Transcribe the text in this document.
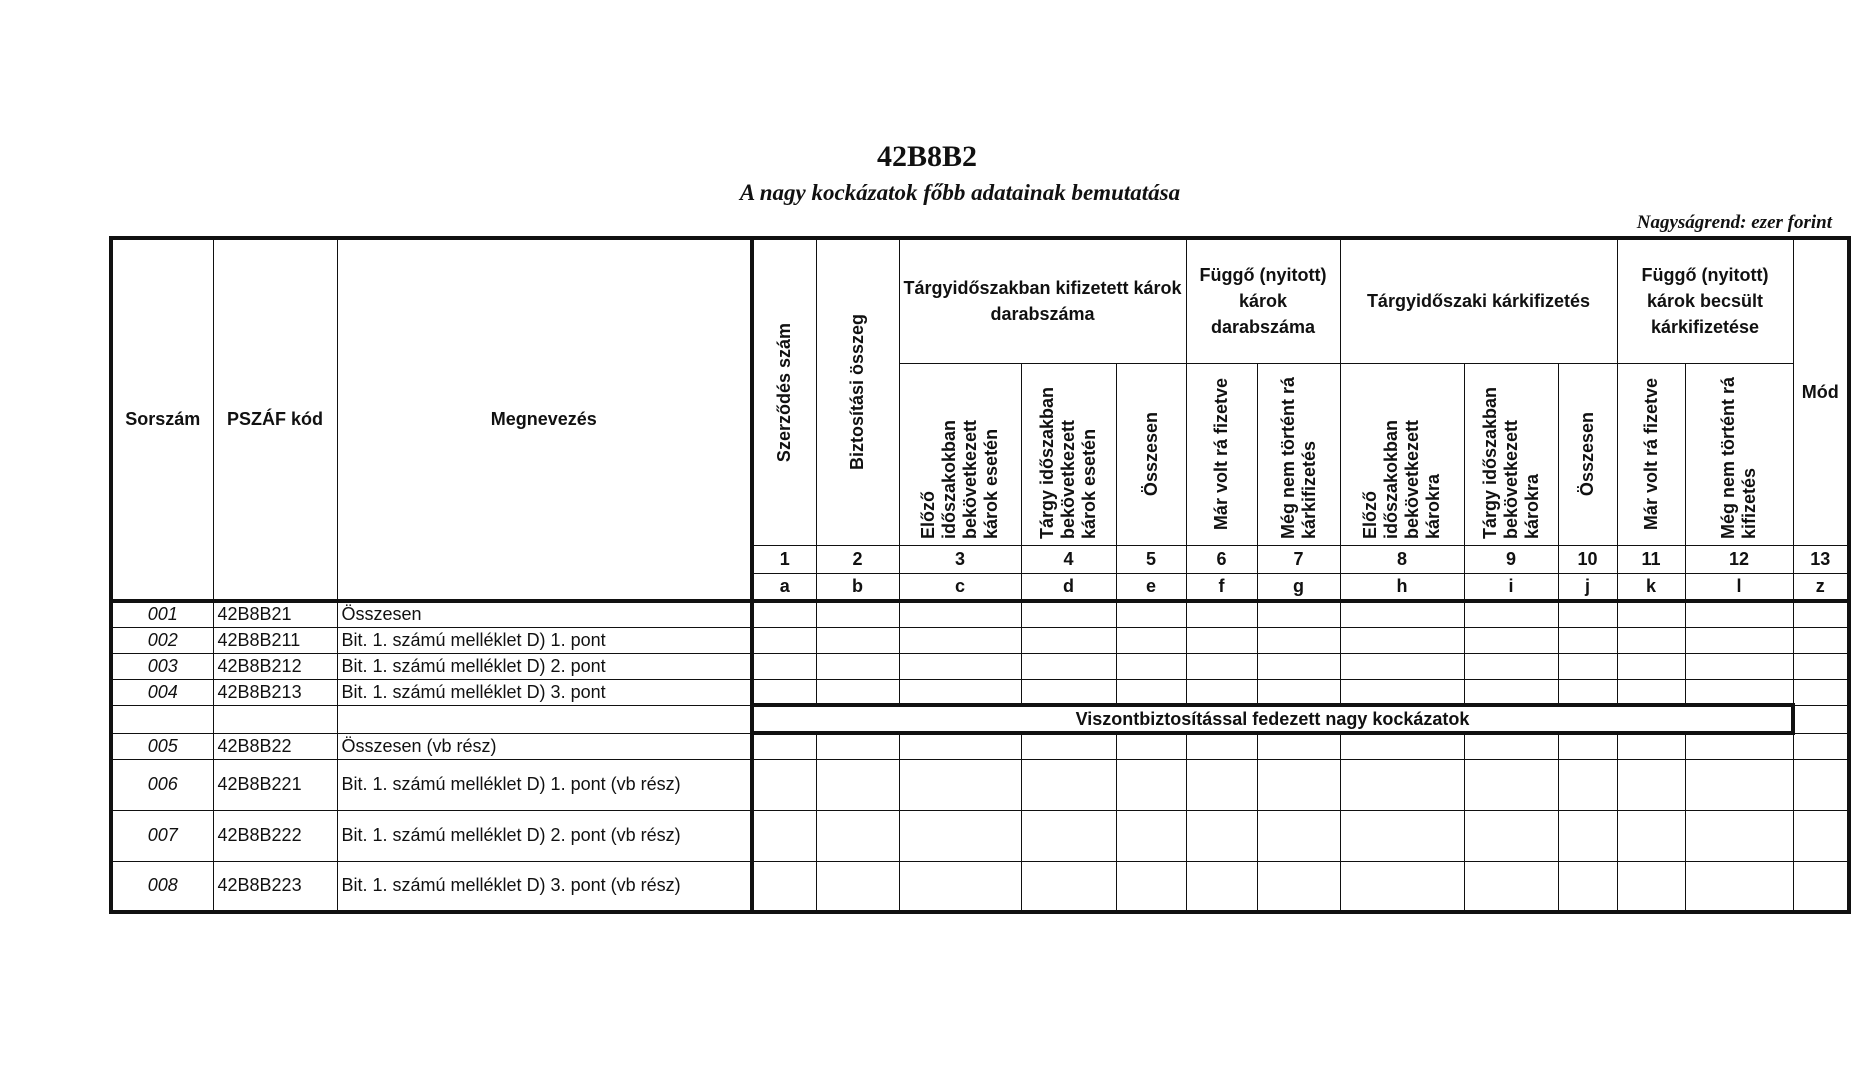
42B8B2
A nagy kockázatok főbb adatainak bemutatása
Nagyságrend: ezer forint
Sorszám	PSZÁF kód	Megnevezés	Szerződés szám	Biztosítási összeg	Tárgyidőszakban kifizetett károk darabszáma			Függő (nyitott) károk darabszáma		Tárgyidőszaki kárkifizetés			Függő (nyitott) károk becsült kárkifizetése		Mód

					Előző időszakokban bekövetkezett károk esetén	Tárgy időszakban bekövetkezett károk esetén	Összesen	Már volt rá fizetve	Még nem történt rá kárkifizetés	Előző időszakokban bekövetkezett károkra	Tárgy időszakban bekövetkezett károkra	Összesen	Már volt rá fizetve	Még nem történt rá kifizetés	

			1	2	3	4	5	6	7	8	9	10	11	12	13
			a	b	c	d	e	f	g	h	i	j	k	l	z
001	42B8B21	Összesen													
002	42B8B211	Bit. 1. számú melléklet D) 1. pont													
003	42B8B212	Bit. 1. számú melléklet D) 2. pont													
004	42B8B213	Bit. 1. számú melléklet D) 3. pont													
			Viszontbiztosítással fedezett nagy kockázatok												
005	42B8B22	Összesen (vb rész)													
006	42B8B221	Bit. 1. számú melléklet D) 1. pont (vb rész)													
007	42B8B222	Bit. 1. számú melléklet D) 2. pont (vb rész)													
008	42B8B223	Bit. 1. számú melléklet D) 3. pont (vb rész)													
